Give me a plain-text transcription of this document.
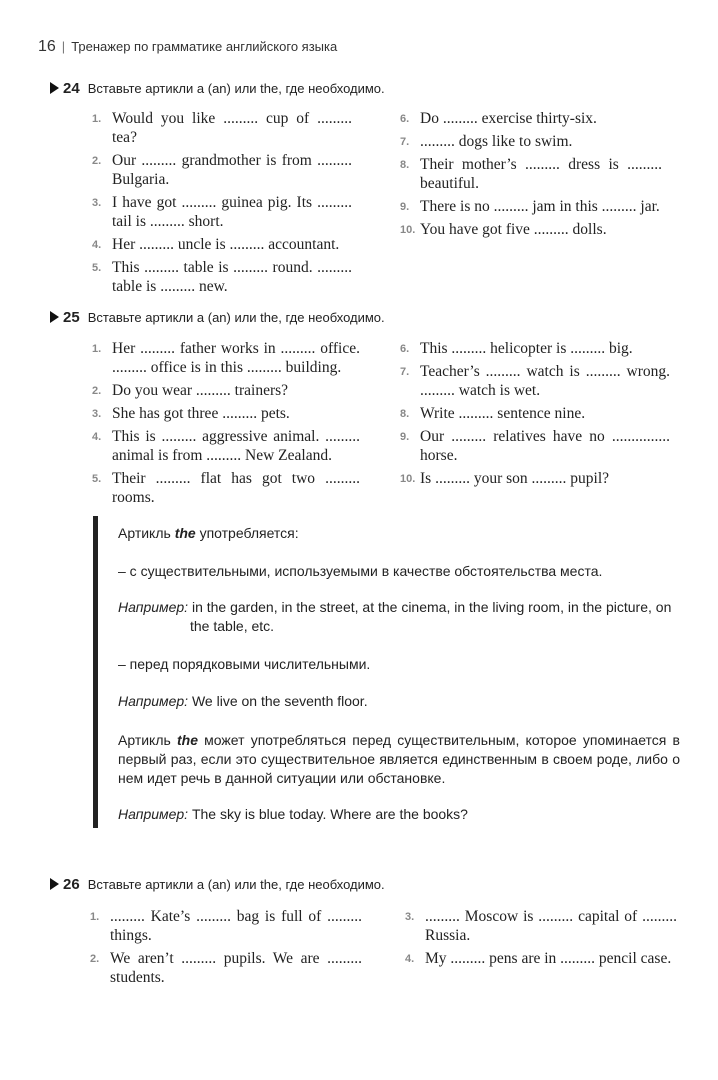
16 | Тренажер по грамматике английского языка
24 Вставьте артикли a (an) или the, где необходимо.
1. Would you like ......... cup of ......... tea?
2. Our ......... grandmother is from ......... Bulgaria.
3. I have got ......... guinea pig. Its ......... tail is ......... short.
4. Her ......... uncle is ......... accountant.
5. This ......... table is ......... round. ......... table is ......... new.
6. Do ......... exercise thirty-six.
7. ......... dogs like to swim.
8. Their mother’s ......... dress is ......... beautiful.
9. There is no ......... jam in this ......... jar.
10. You have got five ......... dolls.
25 Вставьте артикли a (an) или the, где необходимо.
1. Her ......... father works in ......... office. ......... office is in this ......... building.
2. Do you wear ......... trainers?
3. She has got three ......... pets.
4. This is ......... aggressive animal. ......... animal is from ......... New Zealand.
5. Their ......... flat has got two ......... rooms.
6. This ......... helicopter is ......... big.
7. Teacher’s ......... watch is ......... wrong. ......... watch is wet.
8. Write ......... sentence nine.
9. Our ......... relatives have no ............... horse.
10. Is ......... your son ......... pupil?

Артикль the употребляется:

– с существительными, используемыми в качестве обстоятельства места.

Например: in the garden, in the street, at the cinema, in the living room, in the picture, on the table, etc.

– перед порядковыми числительными.

Например: We live on the seventh floor.

Артикль the может употребляться перед существительным, которое упоминается в первый раз, если это существительное является единственным в своем роде, либо о нем идет речь в данной ситуации или обстановке.

Например: The sky is blue today. Where are the books?

26 Вставьте артикли a (an) или the, где необходимо.
1. ......... Kate’s ......... bag is full of ......... things.
2. We aren’t ......... pupils. We are ......... students.
3. ......... Moscow is ......... capital of ......... Russia.
4. My ......... pens are in ......... pencil case.
